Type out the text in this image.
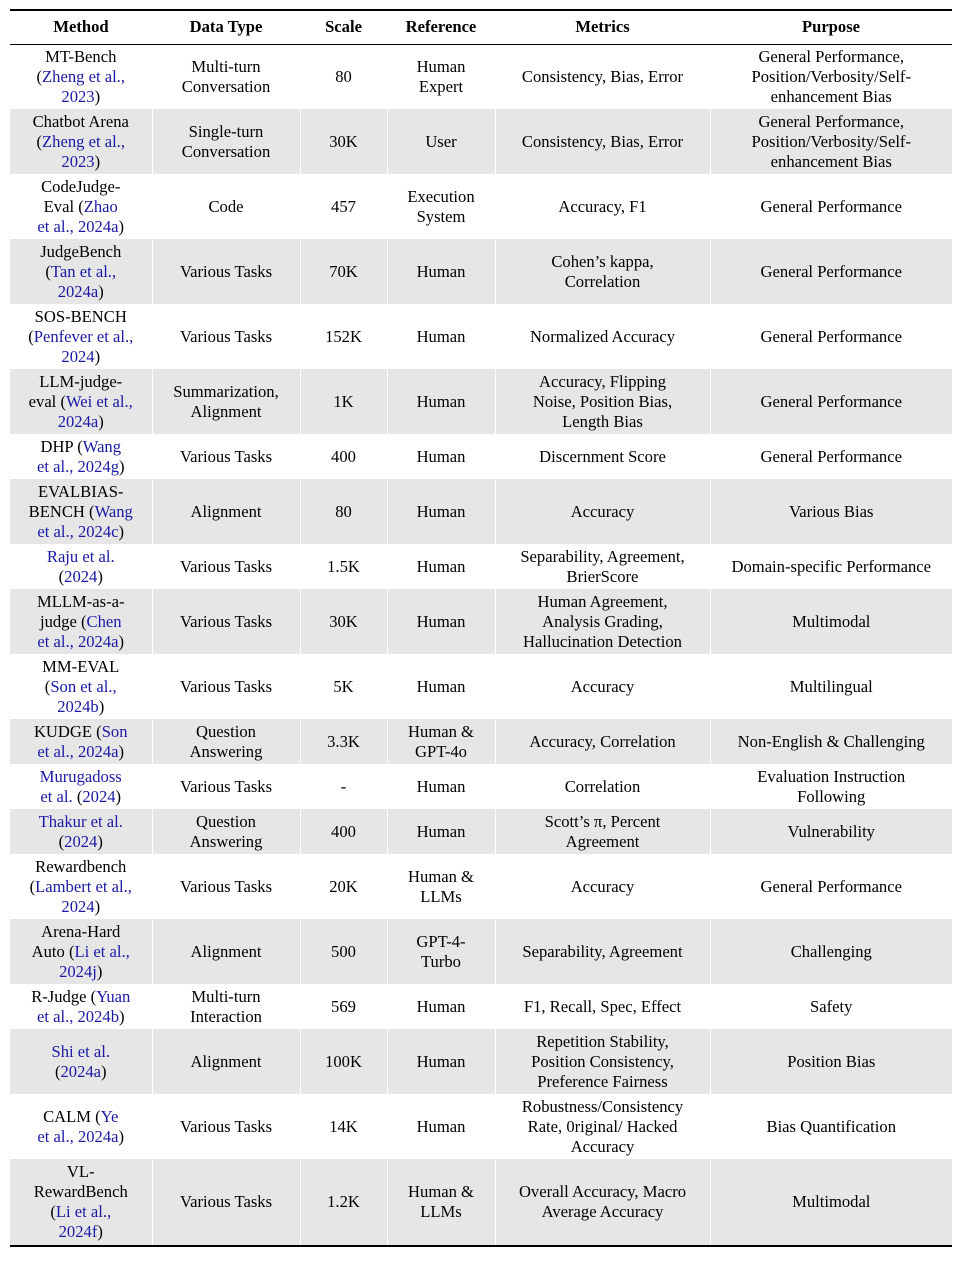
Method	Data Type	Scale	Reference	Metrics	Purpose

MT-Bench
(Zheng et al.,
2023)	Multi-turn
Conversation	80	Human
Expert	Consistency, Bias, Error	General Performance,
Position/Verbosity/Self-
enhancement Bias

Chatbot Arena
(Zheng et al.,
2023)	Single-turn
Conversation	30K	User	Consistency, Bias, Error	General Performance,
Position/Verbosity/Self-
enhancement Bias

CodeJudge-
Eval (Zhao
et al., 2024a)	Code	457	Execution
System	Accuracy, F1	General Performance

JudgeBench
(Tan et al.,
2024a)	Various Tasks	70K	Human	Cohen’s kappa,
Correlation	General Performance

SOS-BENCH
(Penfever et al.,
2024)	Various Tasks	152K	Human	Normalized Accuracy	General Performance

LLM-judge-
eval (Wei et al.,
2024a)	Summarization,
Alignment	1K	Human	Accuracy, Flipping
Noise, Position Bias,
Length Bias	General Performance

DHP (Wang
et al., 2024g)	Various Tasks	400	Human	Discernment Score	General Performance

EVALBIAS-
BENCH (Wang
et al., 2024c)	Alignment	80	Human	Accuracy	Various Bias

Raju et al.
(2024)	Various Tasks	1.5K	Human	Separability, Agreement,
BrierScore	Domain-specific Performance

MLLM-as-a-
judge (Chen
et al., 2024a)	Various Tasks	30K	Human	Human Agreement,
Analysis Grading,
Hallucination Detection	Multimodal

MM-EVAL
(Son et al.,
2024b)	Various Tasks	5K	Human	Accuracy	Multilingual

KUDGE (Son
et al., 2024a)	Question
Answering	3.3K	Human &
GPT-4o	Accuracy, Correlation	Non-English & Challenging

Murugadoss
et al. (2024)	Various Tasks	-	Human	Correlation	Evaluation Instruction
Following

Thakur et al.
(2024)	Question
Answering	400	Human	Scott’s π, Percent
Agreement	Vulnerability

Rewardbench
(Lambert et al.,
2024)	Various Tasks	20K	Human &
LLMs	Accuracy	General Performance

Arena-Hard
Auto (Li et al.,
2024j)	Alignment	500	GPT-4-
Turbo	Separability, Agreement	Challenging

R-Judge (Yuan
et al., 2024b)	Multi-turn
Interaction	569	Human	F1, Recall, Spec, Effect	Safety

Shi et al.
(2024a)	Alignment	100K	Human	Repetition Stability,
Position Consistency,
Preference Fairness	Position Bias

CALM (Ye
et al., 2024a)	Various Tasks	14K	Human	Robustness/Consistency
Rate, 0riginal/ Hacked
Accuracy	Bias Quantification

VL-
RewardBench
(Li et al.,
2024f)	Various Tasks	1.2K	Human &
LLMs	Overall Accuracy, Macro
Average Accuracy	Multimodal
